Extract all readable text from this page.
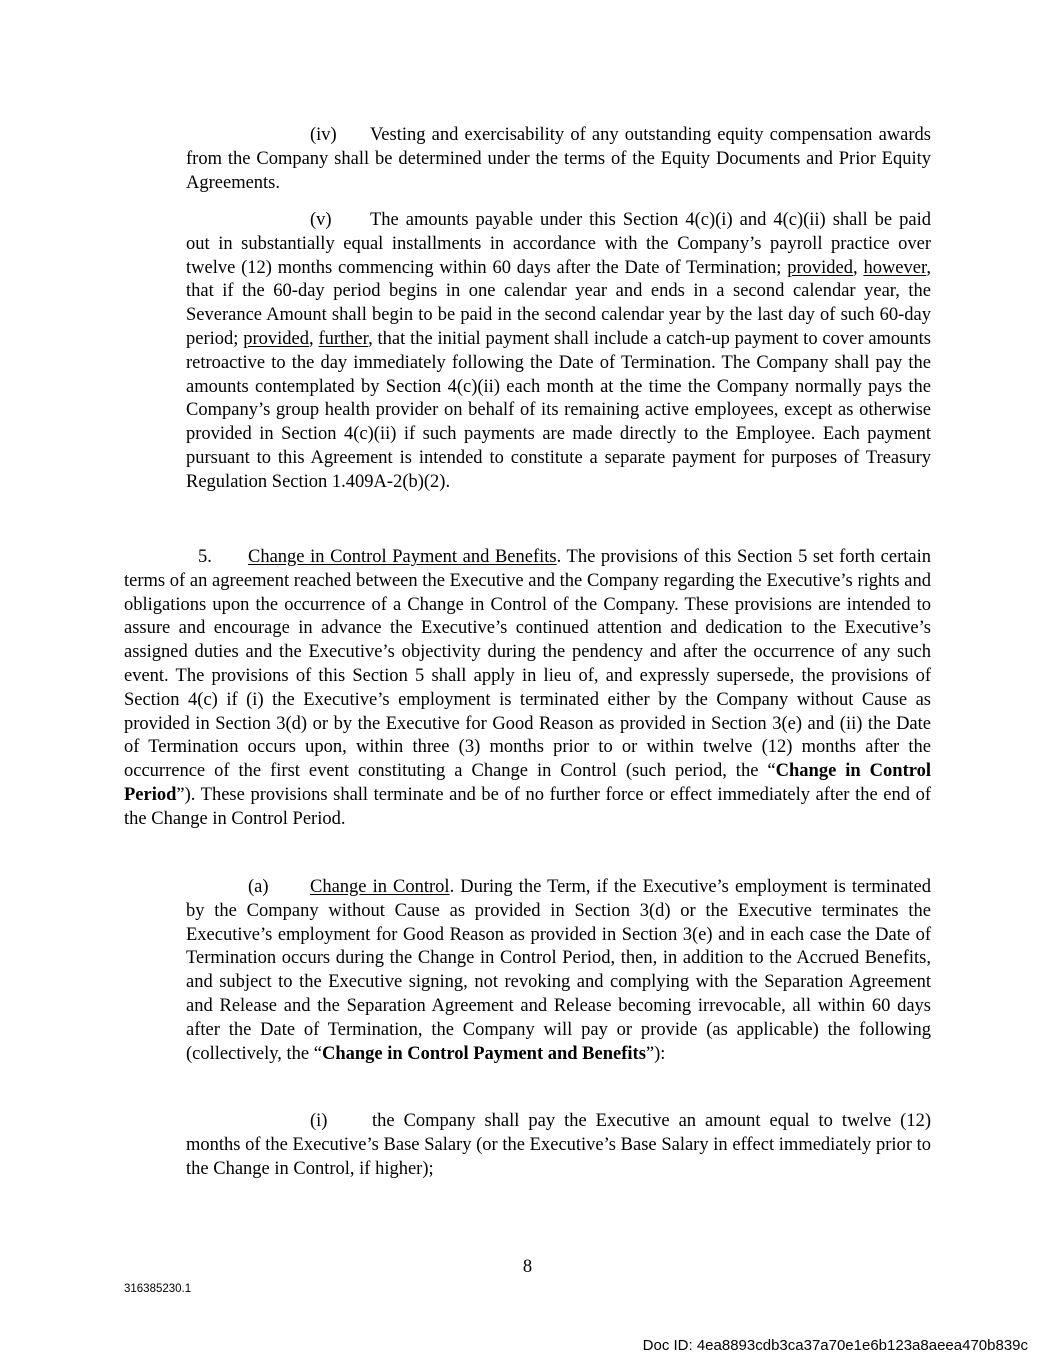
(iv) Vesting and exercisability of any outstanding equity compensation awards from the Company shall be determined under the terms of the Equity Documents and Prior Equity Agreements.

(v) The amounts payable under this Section 4(c)(i) and 4(c)(ii) shall be paid out in substantially equal installments in accordance with the Company’s payroll practice over twelve (12) months commencing within 60 days after the Date of Termination; provided, however, that if the 60-day period begins in one calendar year and ends in a second calendar year, the Severance Amount shall begin to be paid in the second calendar year by the last day of such 60-day period; provided, further, that the initial payment shall include a catch-up payment to cover amounts retroactive to the day immediately following the Date of Termination. The Company shall pay the amounts contemplated by Section 4(c)(ii) each month at the time the Company normally pays the Company’s group health provider on behalf of its remaining active employees, except as otherwise provided in Section 4(c)(ii) if such payments are made directly to the Employee. Each payment pursuant to this Agreement is intended to constitute a separate payment for purposes of Treasury Regulation Section 1.409A-2(b)(2).

5. Change in Control Payment and Benefits. The provisions of this Section 5 set forth certain terms of an agreement reached between the Executive and the Company regarding the Executive’s rights and obligations upon the occurrence of a Change in Control of the Company. These provisions are intended to assure and encourage in advance the Executive’s continued attention and dedication to the Executive’s assigned duties and the Executive’s objectivity during the pendency and after the occurrence of any such event. The provisions of this Section 5 shall apply in lieu of, and expressly supersede, the provisions of Section 4(c) if (i) the Executive’s employment is terminated either by the Company without Cause as provided in Section 3(d) or by the Executive for Good Reason as provided in Section 3(e) and (ii) the Date of Termination occurs upon, within three (3) months prior to or within twelve (12) months after the occurrence of the first event constituting a Change in Control (such period, the “Change in Control Period”). These provisions shall terminate and be of no further force or effect immediately after the end of the Change in Control Period.

(a) Change in Control. During the Term, if the Executive’s employment is terminated by the Company without Cause as provided in Section 3(d) or the Executive terminates the Executive’s employment for Good Reason as provided in Section 3(e) and in each case the Date of Termination occurs during the Change in Control Period, then, in addition to the Accrued Benefits, and subject to the Executive signing, not revoking and complying with the Separation Agreement and Release and the Separation Agreement and Release becoming irrevocable, all within 60 days after the Date of Termination, the Company will pay or provide (as applicable) the following (collectively, the “Change in Control Payment and Benefits”):

(i) the Company shall pay the Executive an amount equal to twelve (12) months of the Executive’s Base Salary (or the Executive’s Base Salary in effect immediately prior to the Change in Control, if higher);

8
316385230.1
Doc ID: 4ea8893cdb3ca37a70e1e6b123a8aeea470b839c
